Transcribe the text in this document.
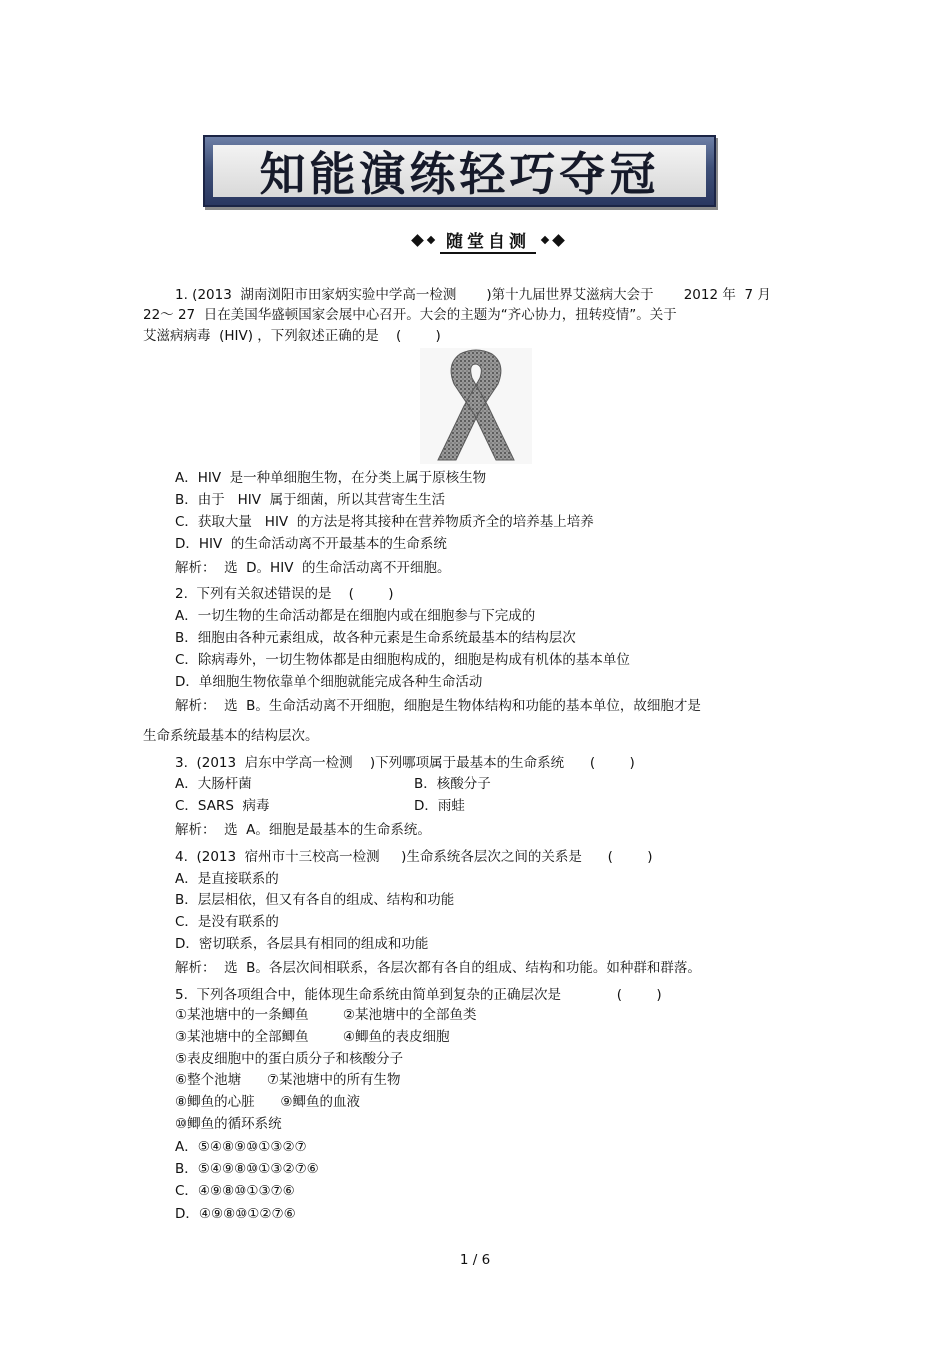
知能演练轻巧夺冠
随堂自测
1. (2013  湖南浏阳市田家炳实验中学高一检测       )第十九届世界艾滋病大会于       2012 年  7 月
22～ 27  日在美国华盛顿国家会展中心召开。大会的主题为“齐心协力，扭转疫情”。关于
艾滋病病毒  (HIV) ，下列叙述正确的是    (        )
A．HIV  是一种单细胞生物，在分类上属于原核生物
B．由于   HIV  属于细菌，所以其营寄生生活
C．获取大量   HIV  的方法是将其接种在营养物质齐全的培养基上培养
D．HIV  的生命活动离不开最基本的生命系统
解析：  选  D。HIV  的生命活动离不开细胞。
2.  下列有关叙述错误的是    (        )
A．一切生物的生命活动都是在细胞内或在细胞参与下完成的
B．细胞由各种元素组成，故各种元素是生命系统最基本的结构层次
C．除病毒外，一切生物体都是由细胞构成的，细胞是构成有机体的基本单位
D．单细胞生物依靠单个细胞就能完成各种生命活动
解析：  选  B。生命活动离不开细胞，细胞是生物体结构和功能的基本单位，故细胞才是
生命系统最基本的结构层次。
3.  (2013  启东中学高一检测    )下列哪项属于最基本的生命系统      (        )
A．大肠杆菌	B．核酸分子
C．SARS  病毒	D．雨蛙
解析：  选  A。细胞是最基本的生命系统。
4.  (2013  宿州市十三校高一检测     )生命系统各层次之间的关系是      (        )
A．是直接联系的
B．层层相依，但又有各自的组成、结构和功能
C．是没有联系的
D．密切联系，各层具有相同的组成和功能
解析：  选  B。各层次间相联系，各层次都有各自的组成、结构和功能。如种群和群落。
5.  下列各项组合中，能体现生命系统由简单到复杂的正确层次是             (        )
①某池塘中的一条鲫鱼        ②某池塘中的全部鱼类
③某池塘中的全部鲫鱼        ④鲫鱼的表皮细胞
⑤表皮细胞中的蛋白质分子和核酸分子
⑥整个池塘      ⑦某池塘中的所有生物
⑧鲫鱼的心脏      ⑨鲫鱼的血液
⑩鲫鱼的循环系统
A．⑤④⑧⑨⑩①③②⑦
B．⑤④⑨⑧⑩①③②⑦⑥
C．④⑨⑧⑩①③⑦⑥
D．④⑨⑧⑩①②⑦⑥
1 / 6
